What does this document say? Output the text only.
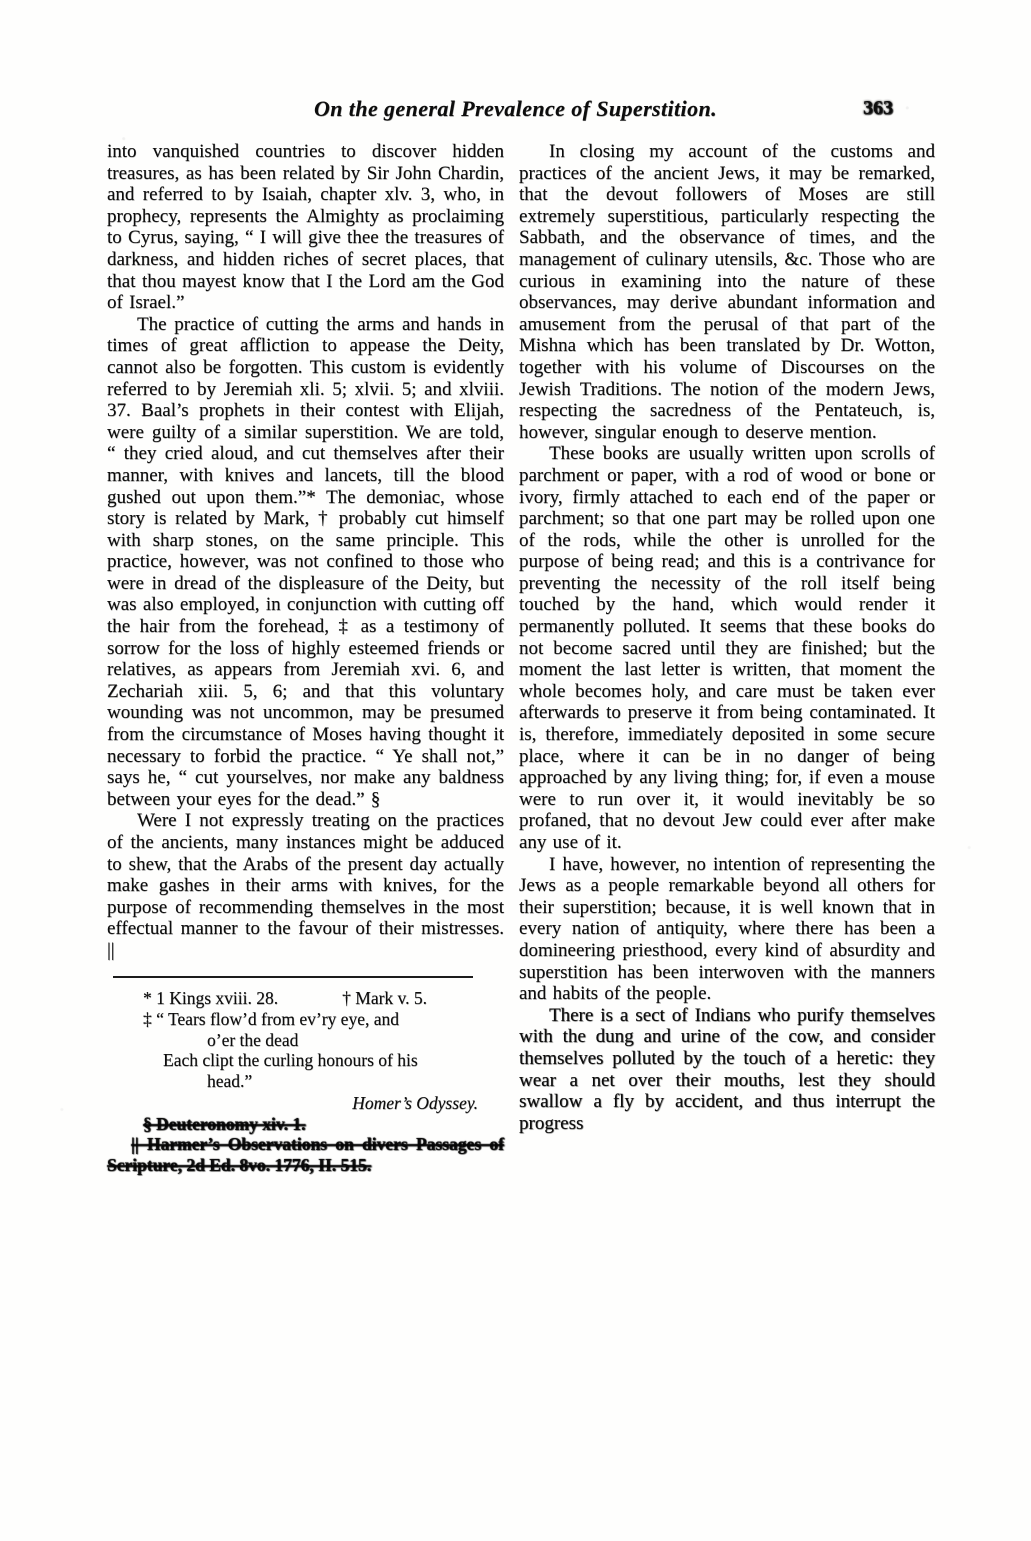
On the general Prevalence of Superstition.	363

into vanquished countries to discover hidden treasures, as has been related by Sir John Chardin, and referred to by Isaiah, chapter xlv. 3, who, in prophecy, represents the Almighty as proclaiming to Cyrus, saying, “ I will give thee the treasures of darkness, and hidden riches of secret places, that that thou mayest know that I the Lord am the God of Israel.”

The practice of cutting the arms and hands in times of great affliction to appease the Deity, cannot also be forgotten. This custom is evidently referred to by Jeremiah xli. 5; xlvii. 5; and xlviii. 37. Baal’s prophets in their contest with Elijah, were guilty of a similar superstition. We are told, “ they cried aloud, and cut themselves after their manner, with knives and lancets, till the blood gushed out upon them.”* The demoniac, whose story is related by Mark, † probably cut himself with sharp stones, on the same principle. This practice, however, was not confined to those who were in dread of the displeasure of the Deity, but was also employed, in conjunction with cutting off the hair from the forehead, ‡ as a testimony of sorrow for the loss of highly esteemed friends or relatives, as appears from Jeremiah xvi. 6, and Zechariah xiii. 5, 6; and that this voluntary wounding was not uncommon, may be presumed from the circumstance of Moses having thought it necessary to forbid the practice. “ Ye shall not,” says he, “ cut yourselves, nor make any baldness between your eyes for the dead.” §

Were I not expressly treating on the practices of the ancients, many instances might be adduced to shew, that the Arabs of the present day actually make gashes in their arms with knives, for the purpose of recommending themselves in the most effectual manner to the favour of their mistresses. ||

* 1 Kings xviii. 28.	† Mark v. 5.
‡ “ Tears flow’d from ev’ry eye, and
o’er the dead
Each clipt the curling honours of his
head.”
Homer’s Odyssey.
§ Deuteronomy xiv. 1.
|| Harmer’s Observations on divers Passages of Scripture, 2d Ed. 8vo. 1776, II. 515.

In closing my account of the customs and practices of the ancient Jews, it may be remarked, that the devout followers of Moses are still extremely superstitious, particularly respecting the Sabbath, and the observance of times, and the management of culinary utensils, &c. Those who are curious in examining into the nature of these observances, may derive abundant information and amusement from the perusal of that part of the Mishna which has been translated by Dr. Wotton, together with his volume of Discourses on the Jewish Traditions. The notion of the modern Jews, respecting the sacredness of the Pentateuch, is, however, singular enough to deserve mention.

These books are usually written upon scrolls of parchment or paper, with a rod of wood or bone or ivory, firmly attached to each end of the paper or parchment; so that one part may be rolled upon one of the rods, while the other is unrolled for the purpose of being read; and this is a contrivance for preventing the necessity of the roll itself being touched by the hand, which would render it permanently polluted. It seems that these books do not become sacred until they are finished; but the moment the last letter is written, that moment the whole becomes holy, and care must be taken ever afterwards to preserve it from being contaminated. It is, therefore, immediately deposited in some secure place, where it can be in no danger of being approached by any living thing; for, if even a mouse were to run over it, it would inevitably be so profaned, that no devout Jew could ever after make any use of it.

I have, however, no intention of representing the Jews as a people remarkable beyond all others for their superstition; because, it is well known that in every nation of antiquity, where there has been a domineering priesthood, every kind of absurdity and superstition has been interwoven with the manners and habits of the people.

There is a sect of Indians who purify themselves with the dung and urine of the cow, and consider themselves polluted by the touch of a heretic: they wear a net over their mouths, lest they should swallow a fly by accident, and thus interrupt the progress
